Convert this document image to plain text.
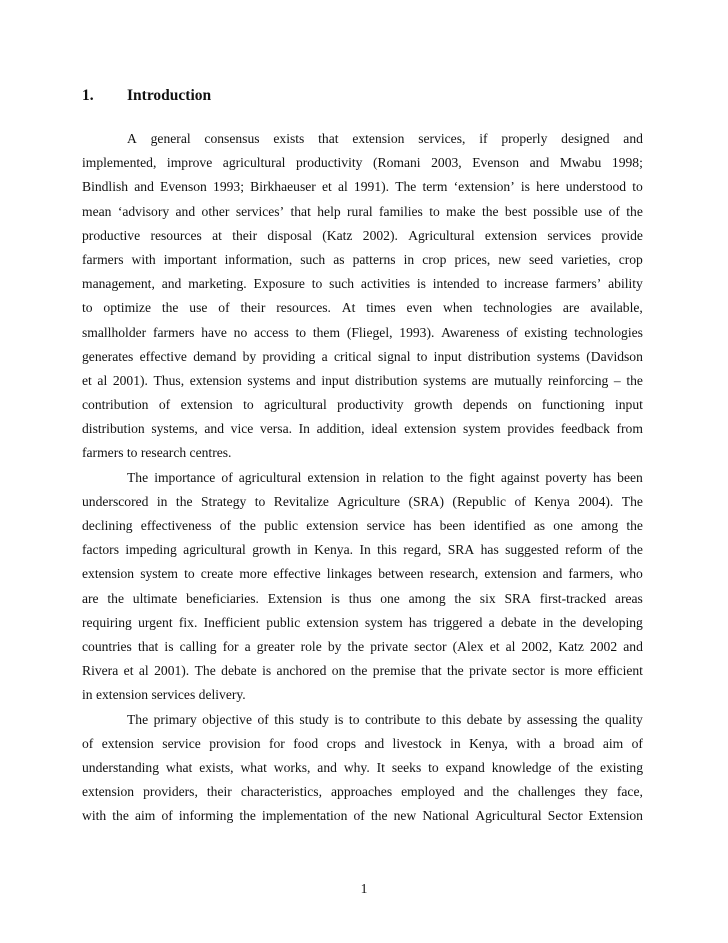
1. Introduction
A general consensus exists that extension services, if properly designed and
implemented, improve agricultural productivity (Romani 2003, Evenson and Mwabu 1998;
Bindlish and Evenson 1993; Birkhaeuser et al 1991). The term ‘extension’ is here understood to
mean ‘advisory and other services’ that help rural families to make the best possible use of the
productive resources at their disposal (Katz 2002). Agricultural extension services provide
farmers with important information, such as patterns in crop prices, new seed varieties, crop
management, and marketing. Exposure to such activities is intended to increase farmers’ ability
to optimize the use of their resources. At times even when technologies are available,
smallholder farmers have no access to them (Fliegel, 1993). Awareness of existing technologies
generates effective demand by providing a critical signal to input distribution systems (Davidson
et al 2001). Thus, extension systems and input distribution systems are mutually reinforcing – the
contribution of extension to agricultural productivity growth depends on functioning input
distribution systems, and vice versa. In addition, ideal extension system provides feedback from
farmers to research centres.
The importance of agricultural extension in relation to the fight against poverty has been
underscored in the Strategy to Revitalize Agriculture (SRA) (Republic of Kenya 2004). The
declining effectiveness of the public extension service has been identified as one among the
factors impeding agricultural growth in Kenya. In this regard, SRA has suggested reform of the
extension system to create more effective linkages between research, extension and farmers, who
are the ultimate beneficiaries. Extension is thus one among the six SRA first-tracked areas
requiring urgent fix. Inefficient public extension system has triggered a debate in the developing
countries that is calling for a greater role by the private sector (Alex et al 2002, Katz 2002 and
Rivera et al 2001). The debate is anchored on the premise that the private sector is more efficient
in extension services delivery.
The primary objective of this study is to contribute to this debate by assessing the quality
of extension service provision for food crops and livestock in Kenya, with a broad aim of
understanding what exists, what works, and why. It seeks to expand knowledge of the existing
extension providers, their characteristics, approaches employed and the challenges they face,
with the aim of informing the implementation of the new National Agricultural Sector Extension
1
